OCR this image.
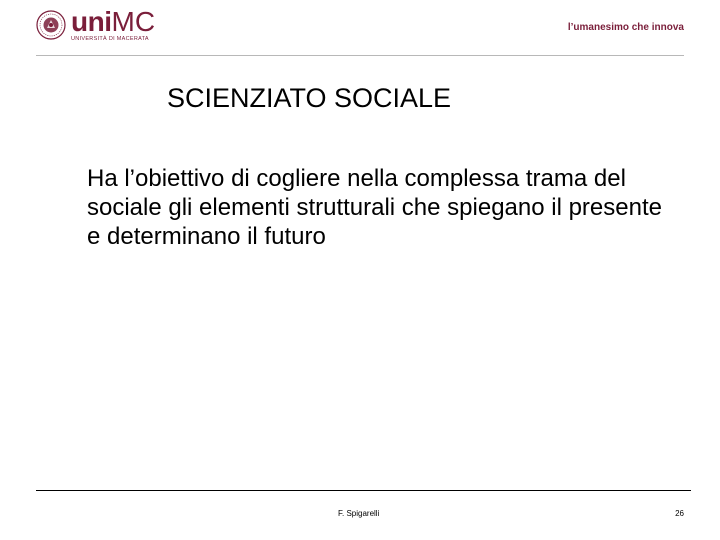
uniMC
UNIVERSITÀ DI MACERATA
l’umanesimo che innova
SCIENZIATO SOCIALE

Ha l’obiettivo di cogliere nella complessa trama del sociale gli elementi strutturali che spiegano il presente e determinano il futuro

F. Spigarelli	26
